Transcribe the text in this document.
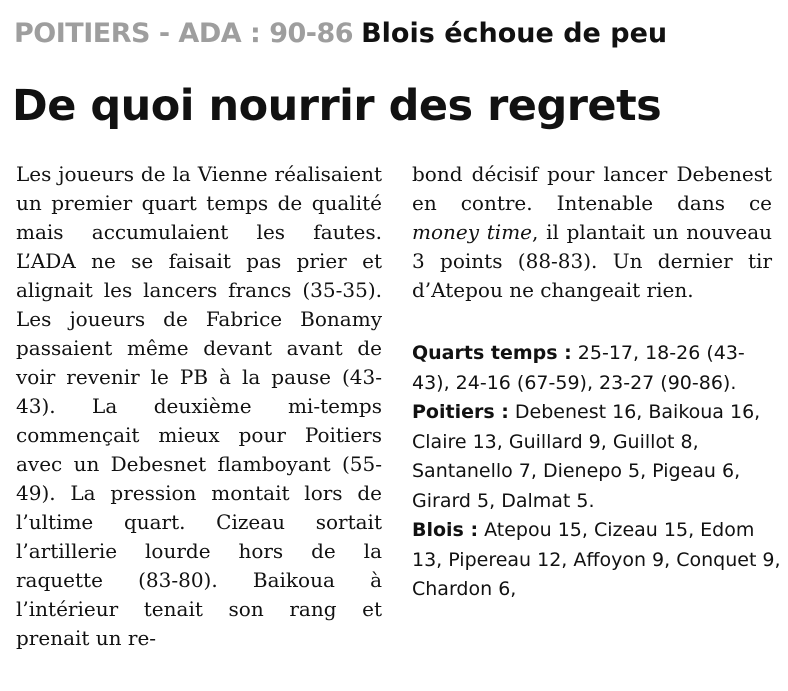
POITIERS - ADA : 90-86 Blois échoue de peu
De quoi nourrir des regrets

Les joueurs de la Vienne réalisaient un premier quart temps de qualité mais accumulaient les fautes. L’ADA ne se faisait pas prier et alignait les lancers francs (35-35). Les joueurs de Fabrice Bonamy passaient même devant avant de voir revenir le PB à la pause (43-43). La deuxième mi-temps commençait mieux pour Poitiers avec un Debesnet flamboyant (55-49). La pression montait lors de l’ultime quart. Cizeau sortait l’artillerie lourde hors de la raquette (83-80). Baikoua à l’intérieur tenait son rang et prenait un re-

bond décisif pour lancer Debenest en contre. Intenable dans ce money time, il plantait un nouveau 3 points (88-83). Un dernier tir d’Atepou ne changeait rien.

Quarts temps : 25-17, 18-26 (43-43), 24-16 (67-59), 23-27 (90-86).

Poitiers : Debenest 16, Baikoua 16, Claire 13, Guillard 9, Guillot 8, Santanello 7, Dienepo 5, Pigeau 6, Girard 5, Dalmat 5.

Blois : Atepou 15, Cizeau 15, Edom 13, Pipereau 12, Affoyon 9, Conquet 9, Chardon 6,
